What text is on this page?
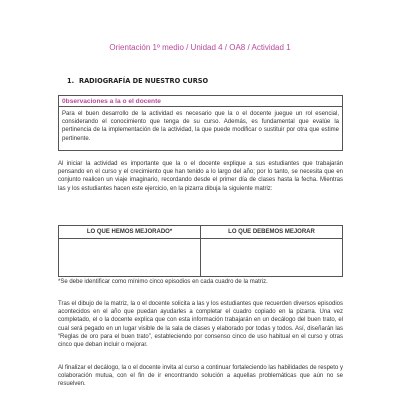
Orientación 1º medio / Unidad 4 / OA8 / Actividad 1
1. RADIOGRAFÍA DE NUESTRO CURSO
0bservaciones a la o el docente
Para el buen desarrollo de la actividad es necesario que la o el docente juegue un rol esencial, considerando el conocimiento que tenga de su curso. Además, es fundamental que evalúe la pertinencia de la implementación de la actividad, la que puede modificar o sustituir por otra que estime pertinente.

Al iniciar la actividad es importante que la o el docente explique a sus estudiantes que trabajarán pensando en el curso y el crecimiento que han tenido a lo largo del año; por lo tanto, se necesita que en conjunto realicen un viaje imaginario, recordando desde el primer día de clases hasta la fecha. Mientras las y los estudiantes hacen este ejercicio, en la pizarra dibuja la siguiente matriz:

LO QUE HEMOS MEJORADO*	LO QUE DEBEMOS MEJORAR

*Se debe identificar como mínimo cinco episodios en cada cuadro de la matriz.

Tras el dibujo de la matriz, la o el docente solicita a las y los estudiantes que recuerden diversos episodios acontecidos en el año que puedan ayudarles a completar el cuadro copiado en la pizarra. Una vez completado, el o la docente explica que con esta información trabajarán en un decálogo del buen trato, el cual será pegado en un lugar visible de la sala de clases y elaborado por todas y todos. Así, diseñarán las “Reglas de oro para el buen trato”, estableciendo por consenso cinco de uso habitual en el curso y otras cinco que deban incluir o mejorar.

Al finalizar el decálogo, la o el docente invita al curso a continuar fortaleciendo las habilidades de respeto y colaboración mutua, con el fin de ir encontrando solución a aquellas problemáticas que aún no se resuelven.
